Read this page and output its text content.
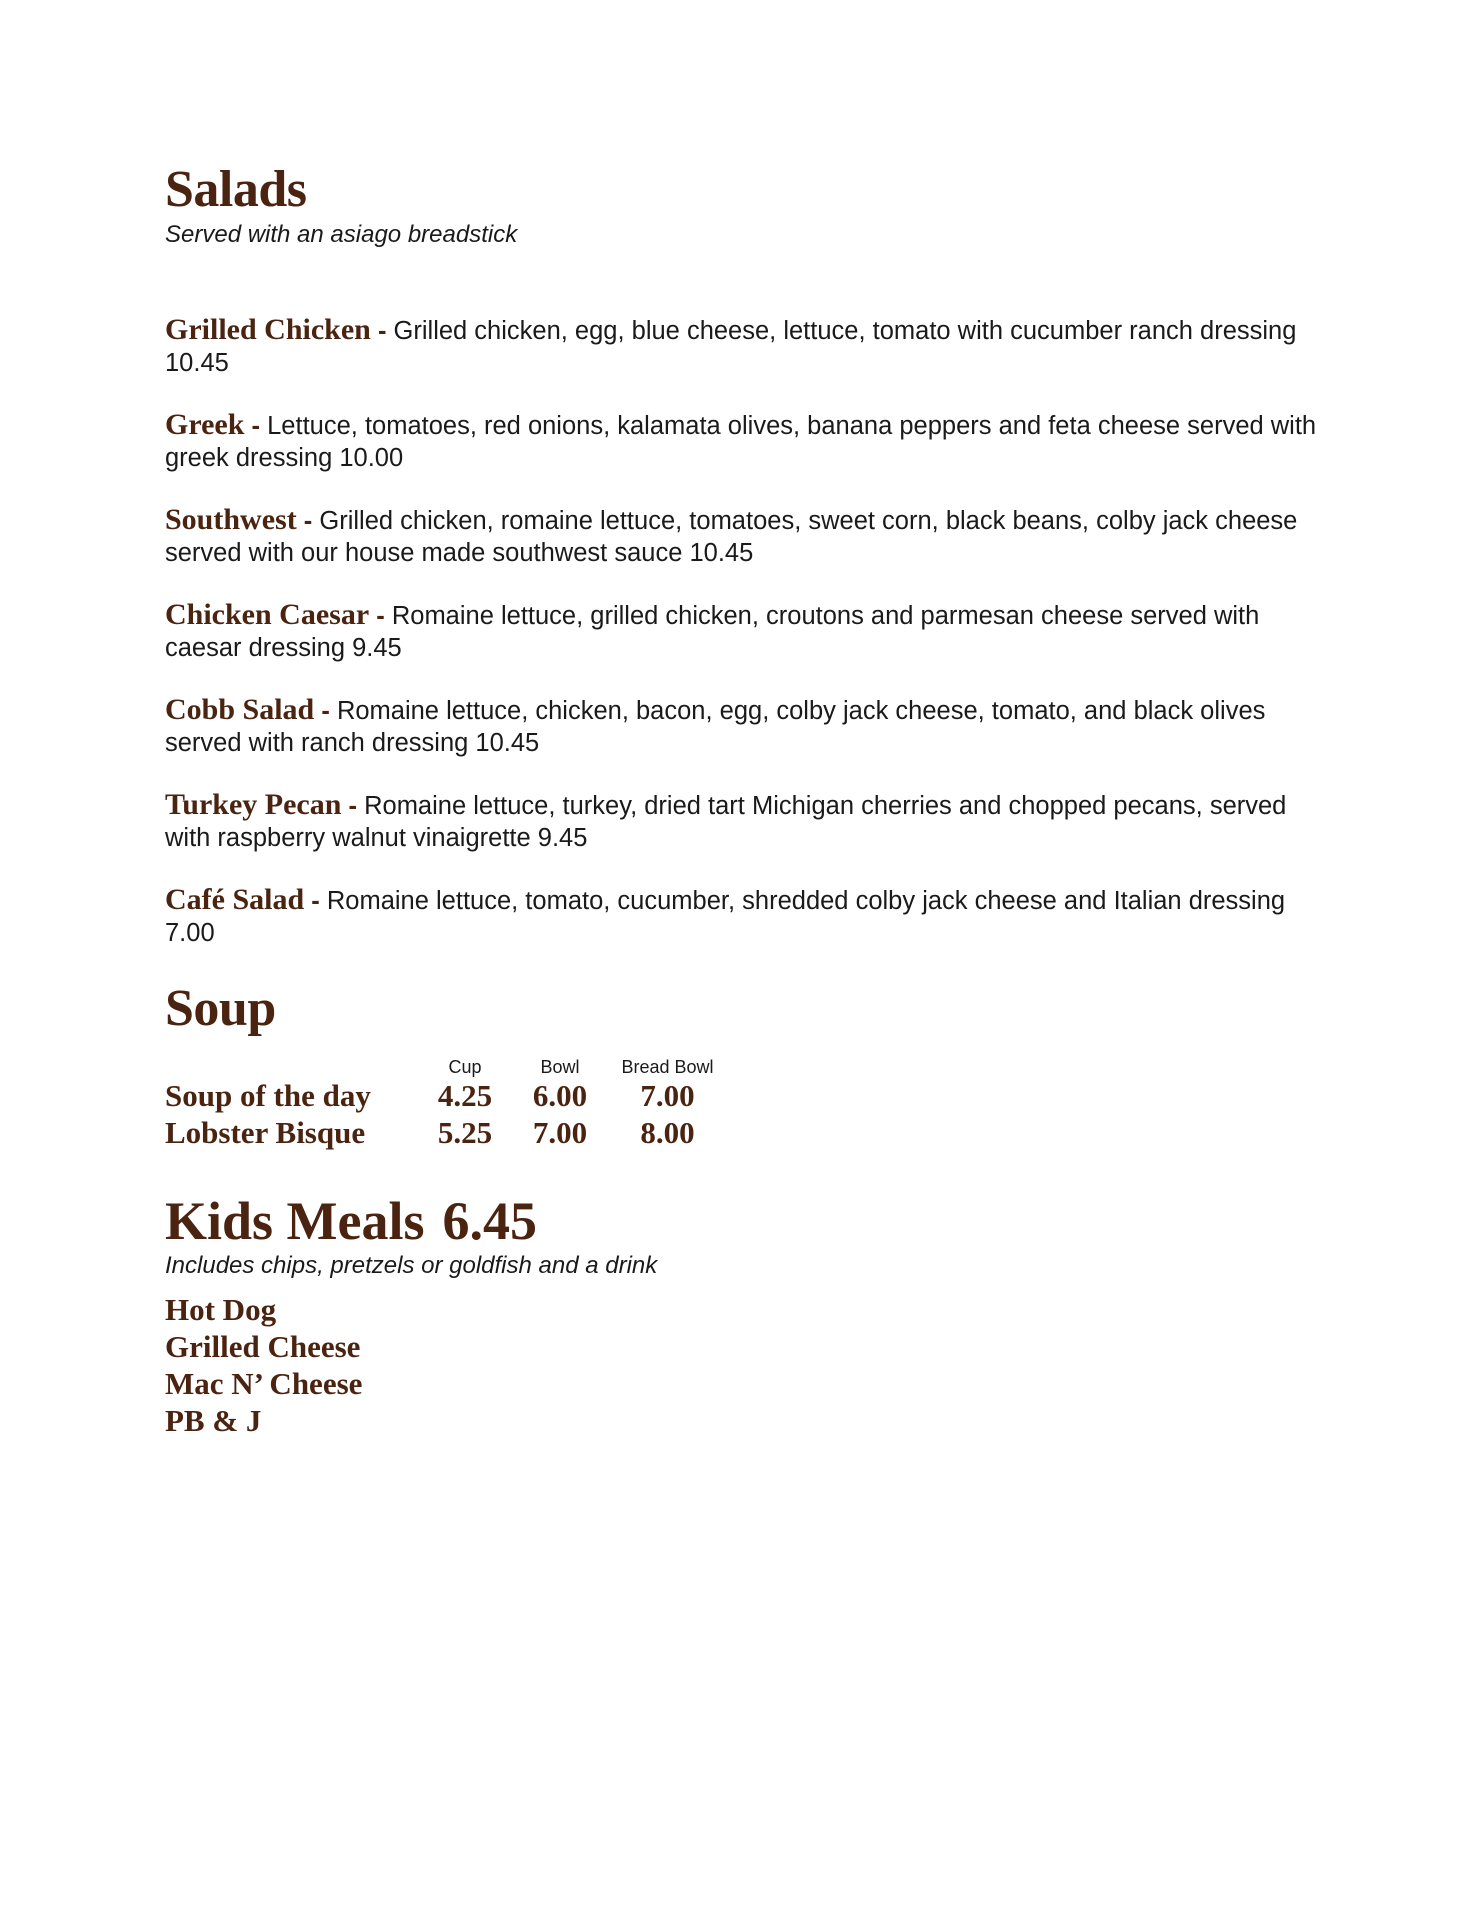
Salads

Served with an asiago breadstick

Grilled Chicken - Grilled chicken, egg, blue cheese, lettuce, tomato with cucumber ranch dressing 10.45

Greek - Lettuce, tomatoes, red onions, kalamata olives, banana peppers and feta cheese served with greek dressing 10.00

Southwest - Grilled chicken, romaine lettuce, tomatoes, sweet corn, black beans, colby jack cheese served with our house made southwest sauce 10.45

Chicken Caesar - Romaine lettuce, grilled chicken, croutons and parmesan cheese served with caesar dressing 9.45

Cobb Salad - Romaine lettuce, chicken, bacon, egg, colby jack cheese, tomato, and black olives served with ranch dressing 10.45

Turkey Pecan - Romaine lettuce, turkey, dried tart Michigan cherries and chopped pecans, served with raspberry walnut vinaigrette 9.45

Café Salad - Romaine lettuce, tomato, cucumber, shredded colby jack cheese and Italian dressing 7.00

Soup
	Cup	Bowl	Bread Bowl
Soup of the day	4.25	6.00	7.00
Lobster Bisque	5.25	7.00	8.00
Kids Meals 6.45

Includes chips, pretzels or goldfish and a drink

Hot Dog

Grilled Cheese

Mac N’ Cheese

PB & J
